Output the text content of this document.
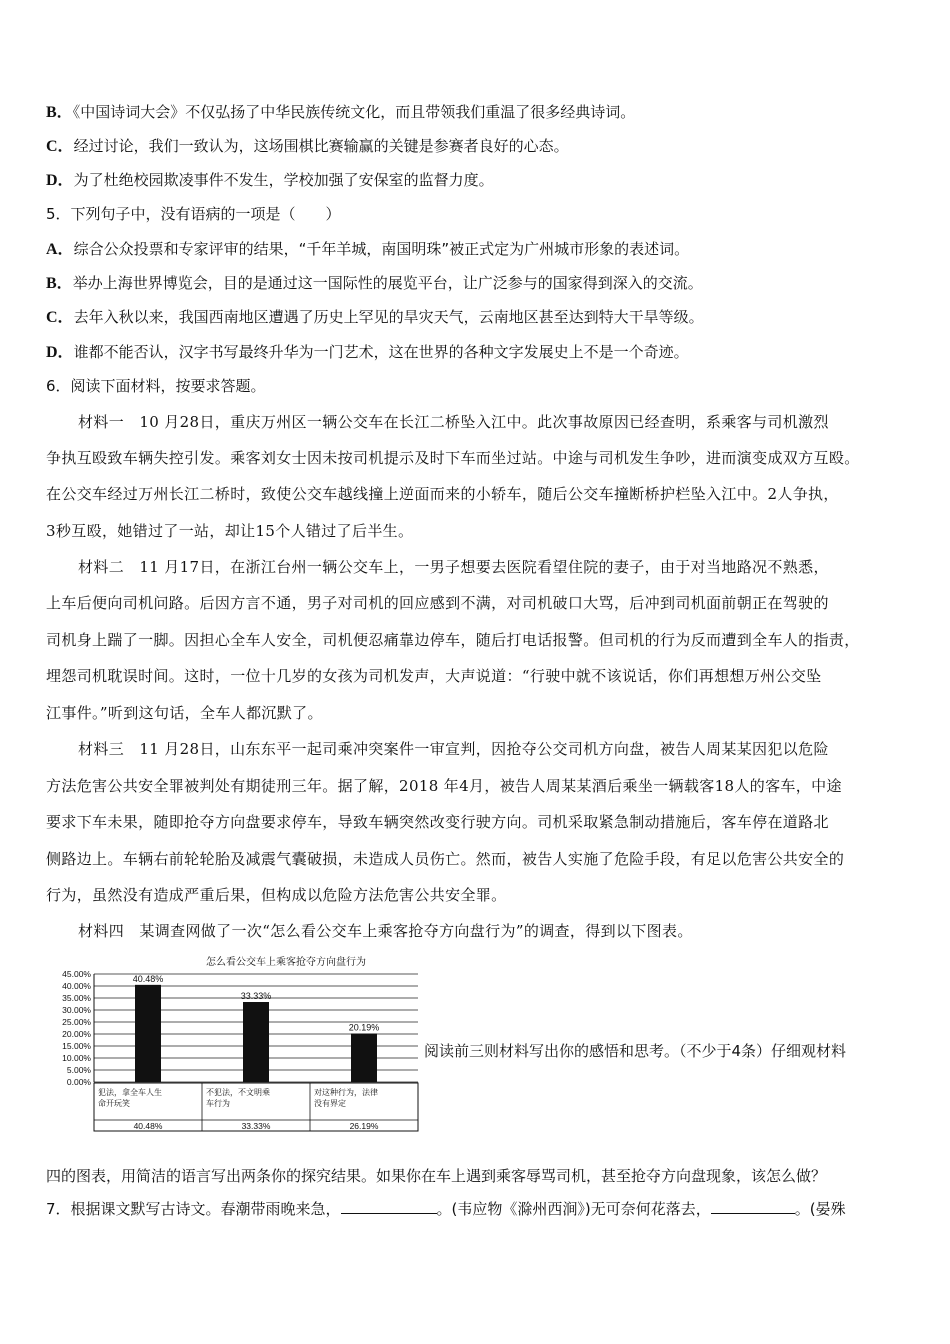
B．《中国诗词大会》不仅弘扬了中华民族传统文化，而且带领我们重温了很多经典诗词。
C．经过讨论，我们一致认为，这场围棋比赛输赢的关键是参赛者良好的心态。
D．为了杜绝校园欺凌事件不发生，学校加强了安保室的监督力度。
5．下列句子中，没有语病的一项是（　　）
A．综合公众投票和专家评审的结果，“千年羊城，南国明珠”被正式定为广州城市形象的表述词。
B．举办上海世界博览会，目的是通过这一国际性的展览平台，让广泛参与的国家得到深入的交流。
C．去年入秋以来，我国西南地区遭遇了历史上罕见的旱灾天气，云南地区甚至达到特大干旱等级。
D．谁都不能否认，汉字书写最终升华为一门艺术，这在世界的各种文字发展史上不是一个奇迹。
6．阅读下面材料，按要求答题。
材料一　10 月28日，重庆万州区一辆公交车在长江二桥坠入江中。此次事故原因已经查明，系乘客与司机激烈
争执互殴致车辆失控引发。乘客刘女士因未按司机提示及时下车而坐过站。中途与司机发生争吵，进而演变成双方互殴。
在公交车经过万州长江二桥时，致使公交车越线撞上逆面而来的小轿车，随后公交车撞断桥护栏坠入江中。2人争执，
3秒互殴，她错过了一站，却让15个人错过了后半生。
材料二　11 月17日，在浙江台州一辆公交车上，一男子想要去医院看望住院的妻子，由于对当地路况不熟悉，
上车后便向司机问路。后因方言不通，男子对司机的回应感到不满，对司机破口大骂，后冲到司机面前朝正在驾驶的
司机身上踹了一脚。因担心全车人安全，司机便忍痛靠边停车，随后打电话报警。但司机的行为反而遭到全车人的指责，
埋怨司机耽误时间。这时，一位十几岁的女孩为司机发声，大声说道：“行驶中就不该说话，你们再想想万州公交坠
江事件。”听到这句话，全车人都沉默了。
材料三　11 月28日，山东东平一起司乘冲突案件一审宣判，因抢夺公交司机方向盘，被告人周某某因犯以危险
方法危害公共安全罪被判处有期徒刑三年。据了解，2018 年4月，被告人周某某酒后乘坐一辆载客18人的客车，中途
要求下车未果，随即抢夺方向盘要求停车，导致车辆突然改变行驶方向。司机采取紧急制动措施后，客车停在道路北
侧路边上。车辆右前轮轮胎及减震气囊破损，未造成人员伤亡。然而，被告人实施了危险手段，有足以危害公共安全的
行为，虽然没有造成严重后果，但构成以危险方法危害公共安全罪。
材料四　某调查网做了一次“怎么看公交车上乘客抢夺方向盘行为”的调查，得到以下图表。
怎么看公交车上乘客抢夺方向盘行为
45.00%
40.00%
35.00%
30.00%
25.00%
20.00%
15.00%
10.00%
5.00%
0.00%
40.48%
33.33%
20.19%
犯法，拿全车人生命开玩笑
40.48%
不犯法，不文明乘车行为
33.33%
对这种行为，法律没有界定
26.19%
阅读前三则材料写出你的感悟和思考。（不少于4条）仔细观材料
四的图表，用简洁的语言写出两条你的探究结果。如果你在车上遇到乘客辱骂司机，甚至抢夺方向盘现象，该怎么做？
7．根据课文默写古诗文。春潮带雨晚来急，	。(韦应物《滁州西涧》)无可奈何花落去，	。(晏殊
